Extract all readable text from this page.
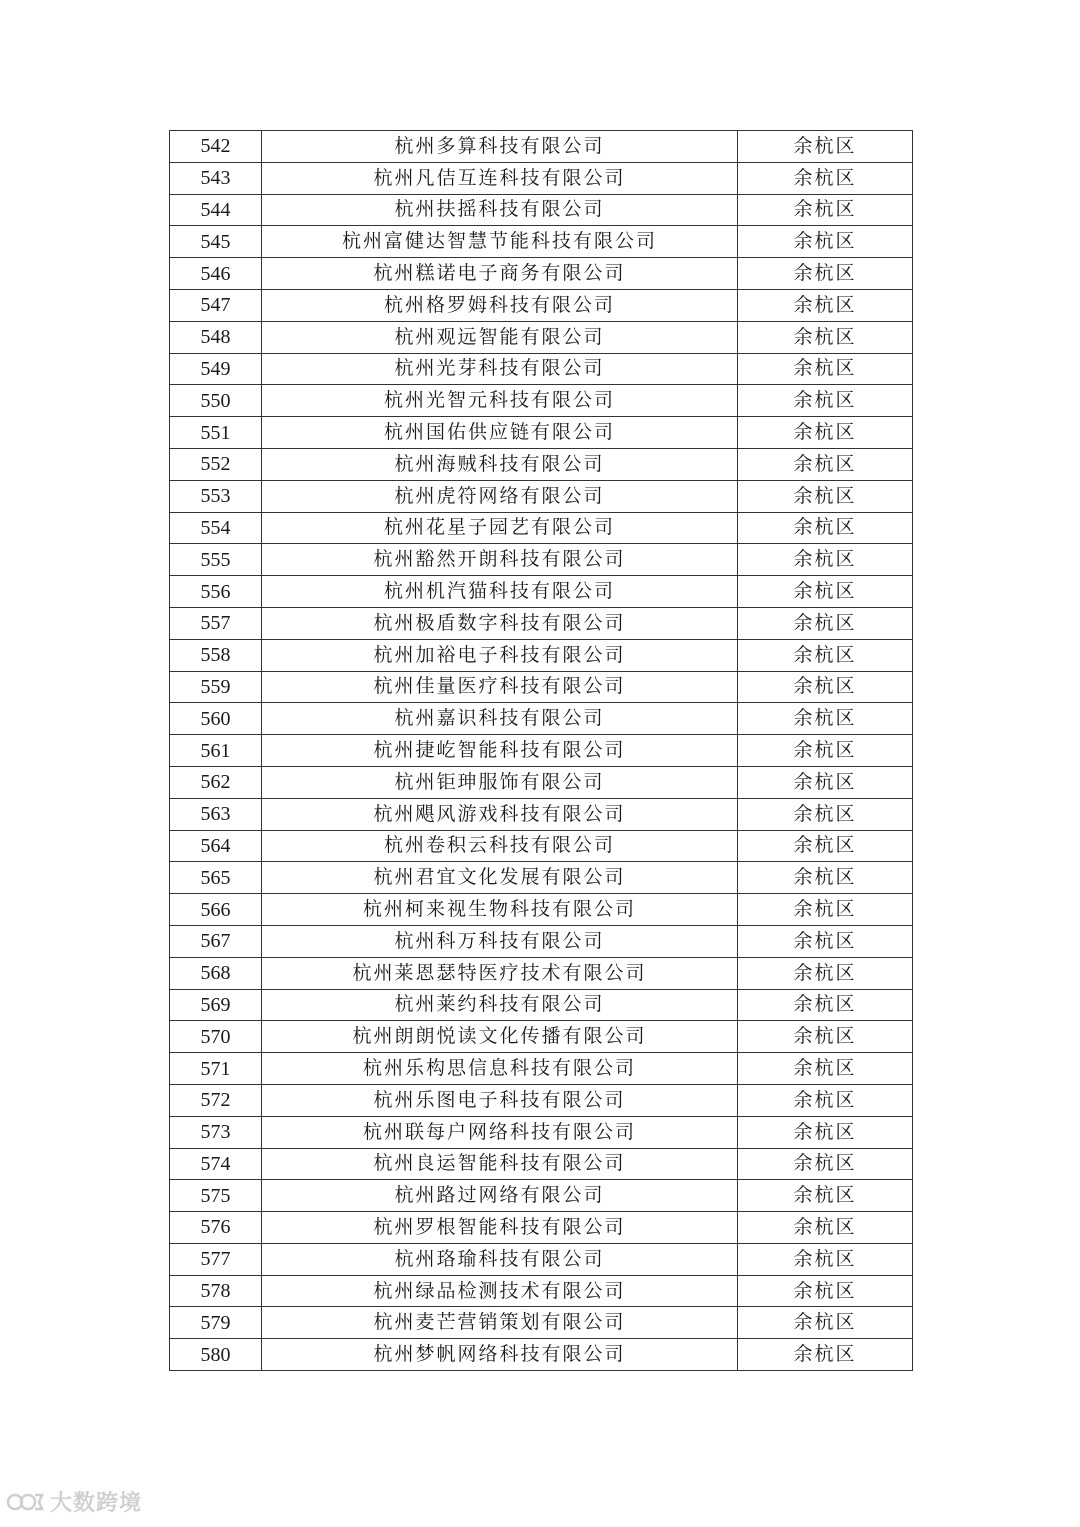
542	杭州多算科技有限公司	余杭区
543	杭州凡佶互连科技有限公司	余杭区
544	杭州扶摇科技有限公司	余杭区
545	杭州富健达智慧节能科技有限公司	余杭区
546	杭州糕诺电子商务有限公司	余杭区
547	杭州格罗姆科技有限公司	余杭区
548	杭州观远智能有限公司	余杭区
549	杭州光芽科技有限公司	余杭区
550	杭州光智元科技有限公司	余杭区
551	杭州国佑供应链有限公司	余杭区
552	杭州海贼科技有限公司	余杭区
553	杭州虎符网络有限公司	余杭区
554	杭州花星子园艺有限公司	余杭区
555	杭州豁然开朗科技有限公司	余杭区
556	杭州机汽猫科技有限公司	余杭区
557	杭州极盾数字科技有限公司	余杭区
558	杭州加裕电子科技有限公司	余杭区
559	杭州佳量医疗科技有限公司	余杭区
560	杭州嘉识科技有限公司	余杭区
561	杭州捷屹智能科技有限公司	余杭区
562	杭州钜珅服饰有限公司	余杭区
563	杭州飓风游戏科技有限公司	余杭区
564	杭州卷积云科技有限公司	余杭区
565	杭州君宜文化发展有限公司	余杭区
566	杭州柯来视生物科技有限公司	余杭区
567	杭州科万科技有限公司	余杭区
568	杭州莱恩瑟特医疗技术有限公司	余杭区
569	杭州莱约科技有限公司	余杭区
570	杭州朗朗悦读文化传播有限公司	余杭区
571	杭州乐构思信息科技有限公司	余杭区
572	杭州乐图电子科技有限公司	余杭区
573	杭州联每户网络科技有限公司	余杭区
574	杭州良运智能科技有限公司	余杭区
575	杭州路过网络有限公司	余杭区
576	杭州罗根智能科技有限公司	余杭区
577	杭州珞瑜科技有限公司	余杭区
578	杭州绿品检测技术有限公司	余杭区
579	杭州麦芒营销策划有限公司	余杭区
580	杭州梦帆网络科技有限公司	余杭区
大数跨境
